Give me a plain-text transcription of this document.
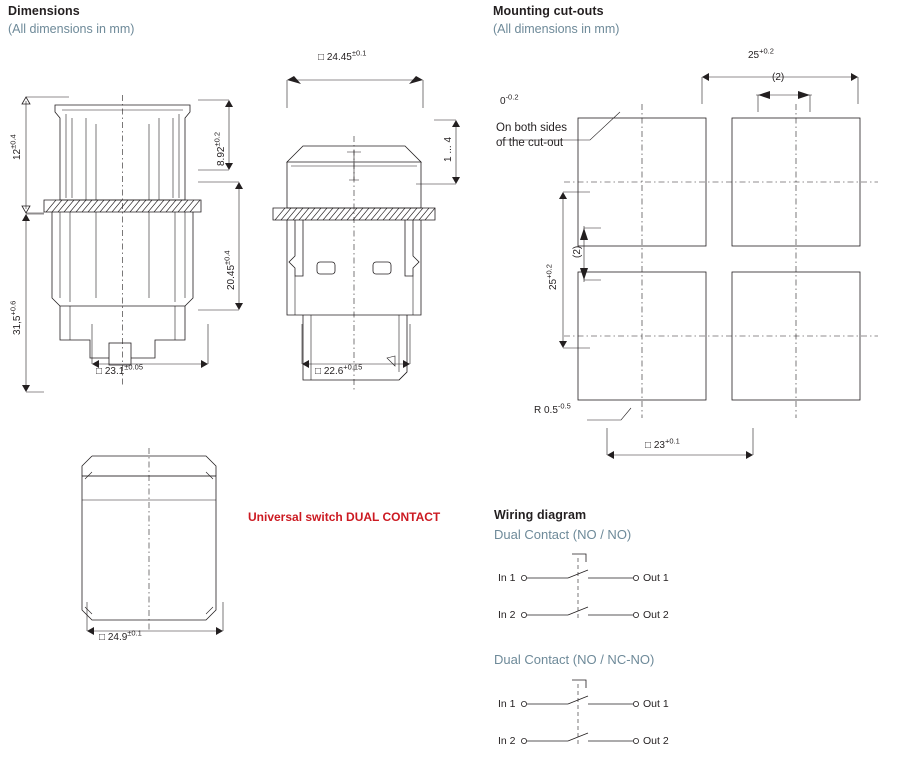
Dimensions
(All dimensions in mm)
Mounting cut-outs
(All dimensions in mm)
$12^{\pm 0.4}$
$31,5^{+0.6}$
$8.92^{\pm 0.2}$
$20.45^{\pm 0.4}$
□ $23.1^{\pm 0.05}$
□ $24.45^{\pm 0.1}$
1 ... 4
□ $22.6^{+0.15}$
□ $24.9^{\pm 0.1}$
Universal switch DUAL CONTACT
$25^{+0.2}$
(2)
$25^{+0.2}$
(2)
$0^{-0.2}$
On both sides
of the cut-out
R $0.5^{-0.5}$
□ $23^{+0.1}$
Wiring diagram
Dual Contact (NO / NO)
In 1
In 2
Out 1
Out 2
Dual Contact (NO / NC-NO)
In 1
In 2
Out 1
Out 2
